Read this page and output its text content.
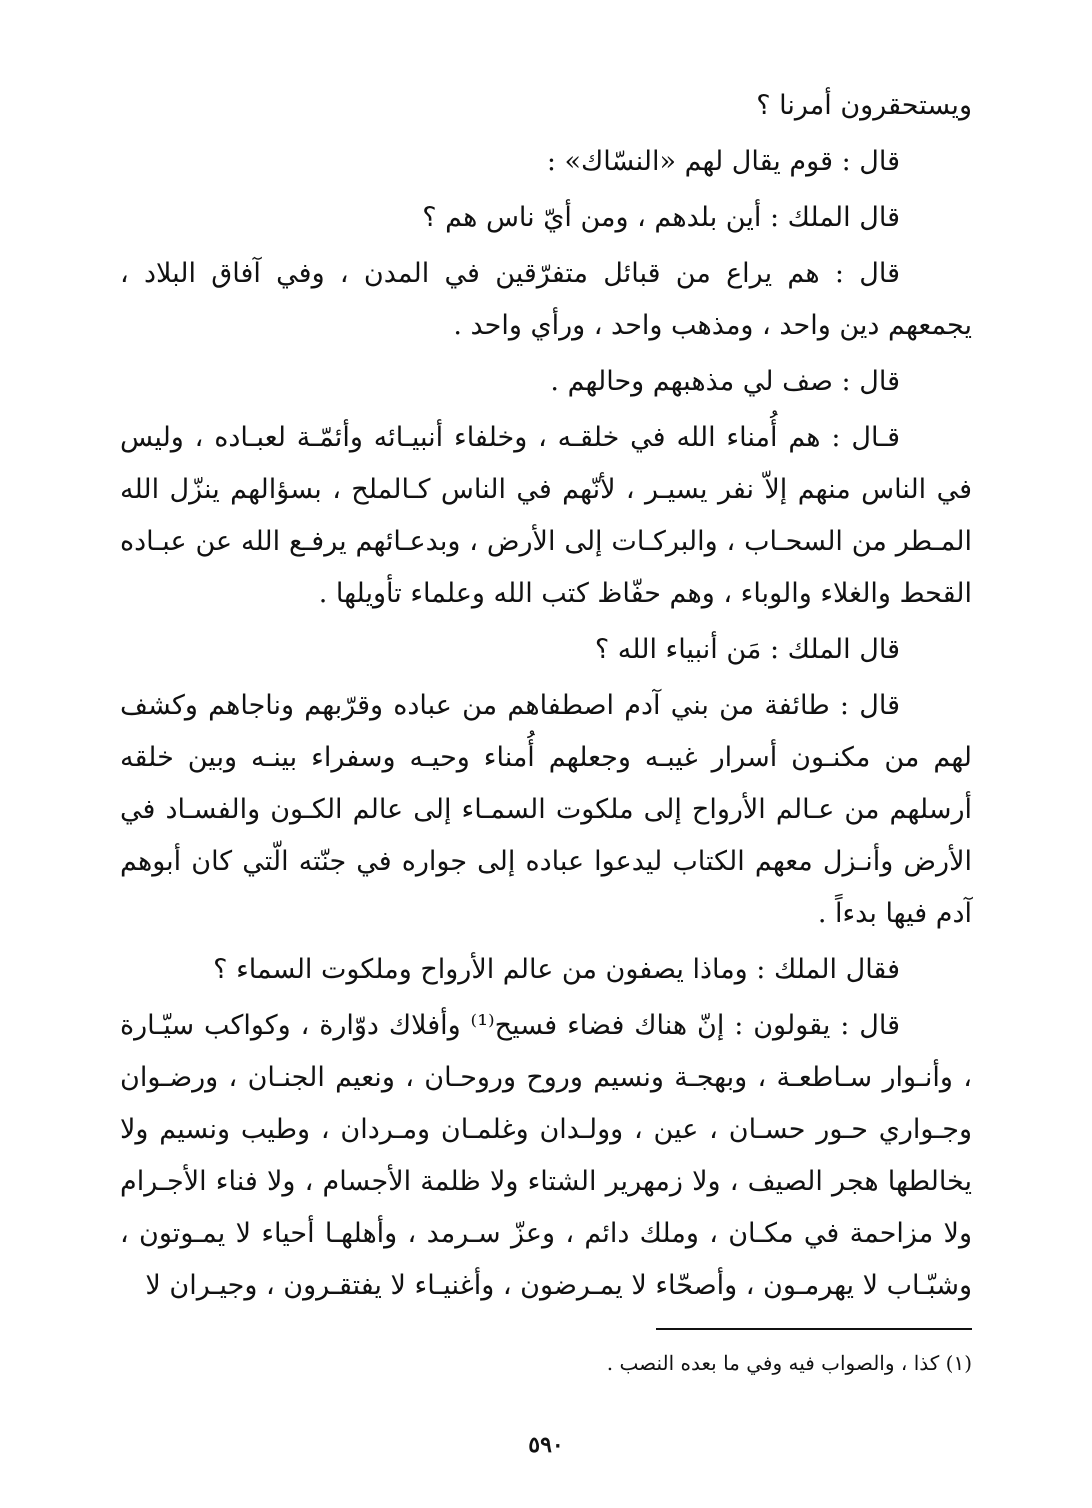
ويستحقرون أمرنا ؟

قال : قوم يقال لهم «النسّاك» :

قال الملك : أين بلدهم ، ومن أيّ ناس هم ؟

قال : هم يراع من قبائل متفرّقين في المدن ، وفي آفاق البلاد ، يجمعهم دين واحد ، ومذهب واحد ، ورأي واحد .

قال : صف لي مذهبهم وحالهم .

قـال : هم أُمناء الله في خلقـه ، وخلفاء أنبيـائه وأئمّـة لعبـاده ، وليس في الناس منهم إلاّ نفر يسيـر ، لأنّهم في الناس كـالملح ، بسؤالهم ينزّل الله المـطر من السحـاب ، والبركـات إلى الأرض ، وبدعـائهم يرفـع الله عن عبـاده القحط والغلاء والوباء ، وهم حفّاظ كتب الله وعلماء تأويلها .

قال الملك : مَن أنبياء الله ؟

قال : طائفة من بني آدم اصطفاهم من عباده وقرّبهم وناجاهم وكشف لهم من مكنـون أسرار غيبـه وجعلهم أُمناء وحيـه وسفراء بينـه وبين خلقه أرسلهم من عـالم الأرواح إلى ملكوت السمـاء إلى عالم الكـون والفسـاد في الأرض وأنـزل معهم الكتاب ليدعوا عباده إلى جواره في جنّته الّتي كان أبوهم آدم فيها بدءاً .

فقال الملك : وماذا يصفون من عالم الأرواح وملكوت السماء ؟

قال : يقولون : إنّ هناك فضاء فسيح⁽¹⁾ وأفلاك دوّارة ، وكواكب سيّـارة ، وأنـوار سـاطعـة ، وبهجـة ونسيم وروح وروحـان ، ونعيم الجنـان ، ورضـوان وجـواري حـور حسـان ، عين ، وولـدان وغلمـان ومـردان ، وطيب ونسيم ولا يخالطها هجر الصيف ، ولا زمهرير الشتاء ولا ظلمة الأجسام ، ولا فناء الأجـرام ولا مزاحمة في مكـان ، وملك دائم ، وعزّ سـرمد ، وأهلهـا أحياء لا يمـوتون ، وشبّـاب لا يهرمـون ، وأصحّاء لا يمـرضون ، وأغنيـاء لا يفتقـرون ، وجيـران لا

(١) كذا ، والصواب فيه وفي ما بعده النصب .
٥٩٠
